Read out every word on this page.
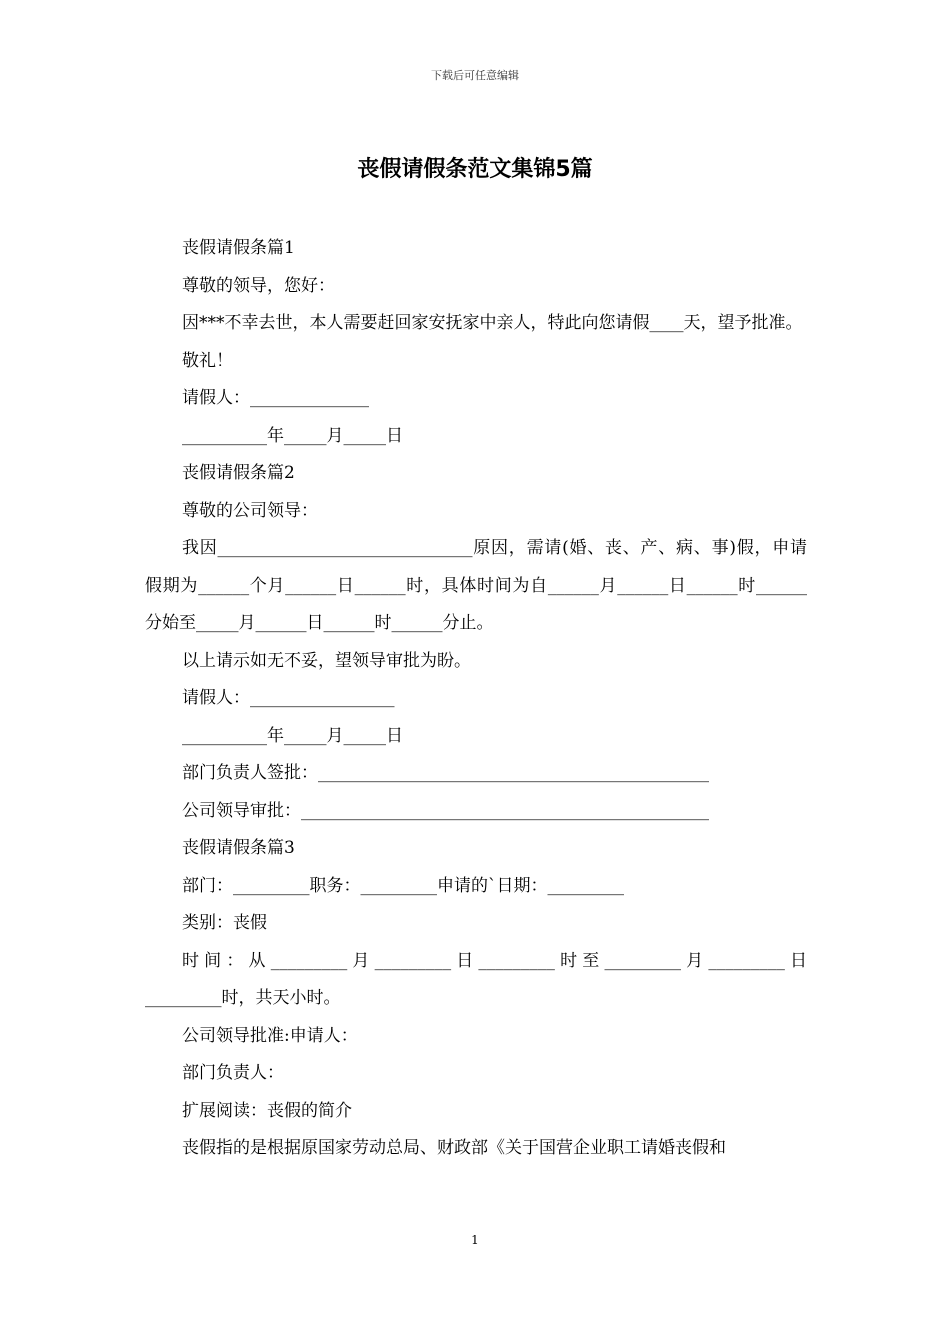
下载后可任意编辑
丧假请假条范文集锦5篇

丧假请假条篇1

尊敬的领导，您好：

因***不幸去世，本人需要赶回家安抚家中亲人，特此向您请假____天，望予批准。

敬礼！

请假人：______________

__________年_____月_____日

丧假请假条篇2

尊敬的公司领导：

我因______________________________原因，需请(婚、丧、产、病、事)假，申请假期为______个月______日______时，具体时间为自______月______日______时______分始至_____月______日______时______分止。

以上请示如无不妥，望领导审批为盼。

请假人：_________________

__________年_____月_____日

部门负责人签批：______________________________________________

公司领导审批：________________________________________________

丧假请假条篇3

部门：_________职务：_________申请的`日期：_________

类别：丧假

时间：从_________月_________日_________时至_________月_________日_________时，共天小时。

公司领导批准:申请人：

部门负责人：

扩展阅读：丧假的简介

丧假指的是根据原国家劳动总局、财政部《关于国营企业职工请婚丧假和

1
